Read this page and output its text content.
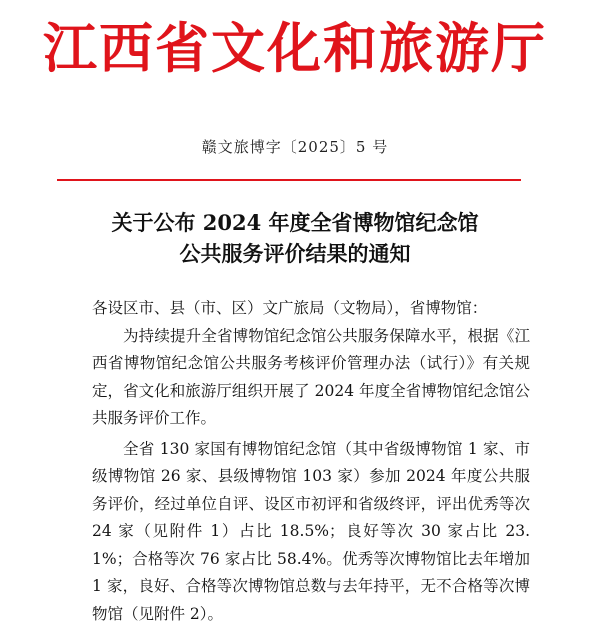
江西省文化和旅游厅
赣文旅博字〔2025〕5 号
关于公布 2024 年度全省博物馆纪念馆
公共服务评价结果的通知

各设区市、县（市、区）文广旅局（文物局），省博物馆：

为持续提升全省博物馆纪念馆公共服务保障水平，根据《江西省博物馆纪念馆公共服务考核评价管理办法（试行）》有关规定，省文化和旅游厅组织开展了 2024 年度全省博物馆纪念馆公共服务评价工作。

全省 130 家国有博物馆纪念馆（其中省级博物馆 1 家、市级博物馆 26 家、县级博物馆 103 家）参加 2024 年度公共服务评价，经过单位自评、设区市初评和省级终评，评出优秀等次 24 家（见附件 1）占比 18.5%；良好等次 30 家占比 23.1%；合格等次 76 家占比 58.4%。优秀等次博物馆比去年增加 1 家，良好、合格等次博物馆总数与去年持平，无不合格等次博物馆（见附件 2）。
